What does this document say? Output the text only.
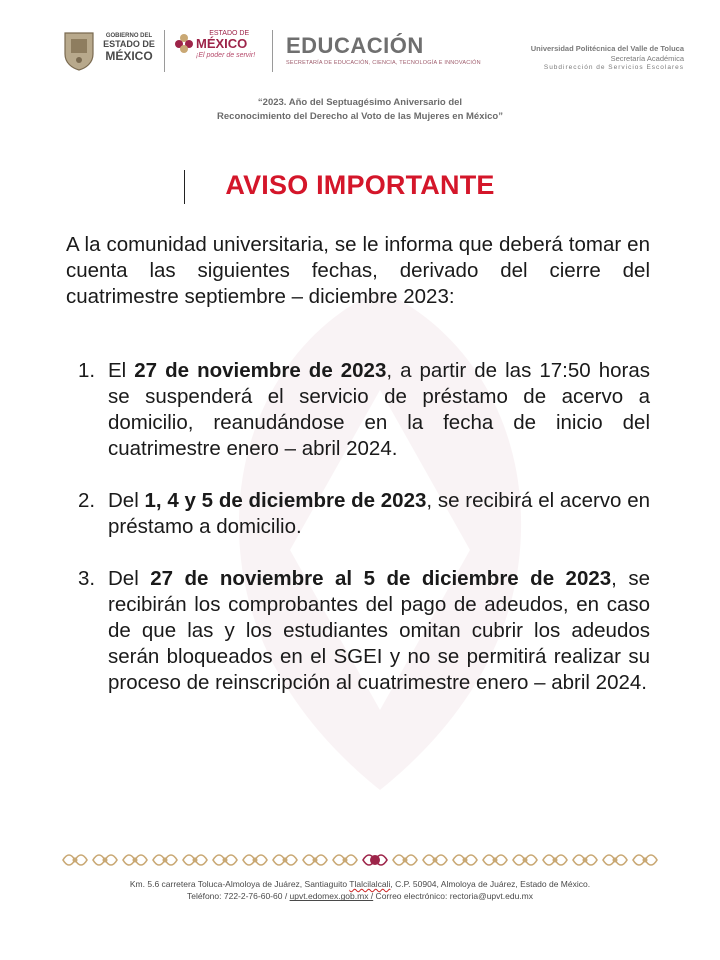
GOBIERNO DEL
ESTADO DE
MÉXICO
ESTADO DE
MÉXICO
¡El poder de servir! EDUCACIÓN
SECRETARÍA DE EDUCACIÓN, CIENCIA, TECNOLOGÍA E INNOVACIÓN
Universidad Politécnica del Valle de Toluca
Secretaría Académica
Subdirección de Servicios Escolares
“2023. Año del Septuagésimo Aniversario del
Reconocimiento del Derecho al Voto de las Mujeres en México”
AVISO IMPORTANTE
A la comunidad universitaria, se le informa que deberá tomar en cuenta las siguientes fechas, derivado del cierre del cuatrimestre septiembre – diciembre 2023:
1. El 27 de noviembre de 2023, a partir de las 17:50 horas se suspenderá el servicio de préstamo de acervo a domicilio, reanudándose en la fecha de inicio del cuatrimestre enero – abril 2024.
2. Del 1, 4 y 5 de diciembre de 2023, se recibirá el acervo en préstamo a domicilio.
3. Del 27 de noviembre al 5 de diciembre de 2023, se recibirán los comprobantes del pago de adeudos, en caso de que las y los estudiantes omitan cubrir los adeudos serán bloqueados en el SGEI y no se permitirá realizar su proceso de reinscripción al cuatrimestre enero – abril 2024.
Km. 5.6 carretera Toluca-Almoloya de Juárez, Santiaguito Tlalcilalcali, C.P. 50904, Almoloya de Juárez, Estado de México.
Teléfono: 722-2-76-60-60 / upvt.edomex.gob.mx / Correo electrónico: rectoria@upvt.edu.mx
